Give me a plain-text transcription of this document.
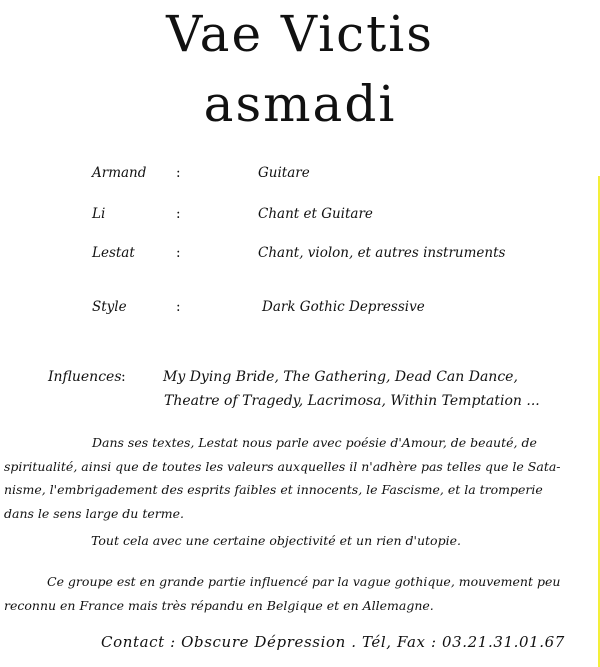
Vae Victis
asmadi
Armand :	Guitare
Li	:	Chant et Guitare
Lestat	:	Chant, violon, et autres instruments
Style	:	Dark Gothic Depressive
Influences :	My Dying Bride, The Gathering, Dead Can Dance,
Theatre of Tragedy, Lacrimosa, Within Temptation ...
Dans ses textes, Lestat nous parle avec poésie d'Amour, de beauté, de
spiritualité, ainsi que de toutes les valeurs auxquelles il n'adhère pas telles que le Sata-
nisme, l'embrigadement des esprits faibles et innocents, le Fascisme, et la tromperie
dans le sens large du terme.
Tout cela avec une certaine objectivité et un rien d'utopie.
Ce groupe est en grande partie influencé par la vague gothique, mouvement peu
reconnu en France mais très répandu en Belgique et en Allemagne.
Contact : Obscure Dépression . Tél, Fax : 03.21.31.01.67
